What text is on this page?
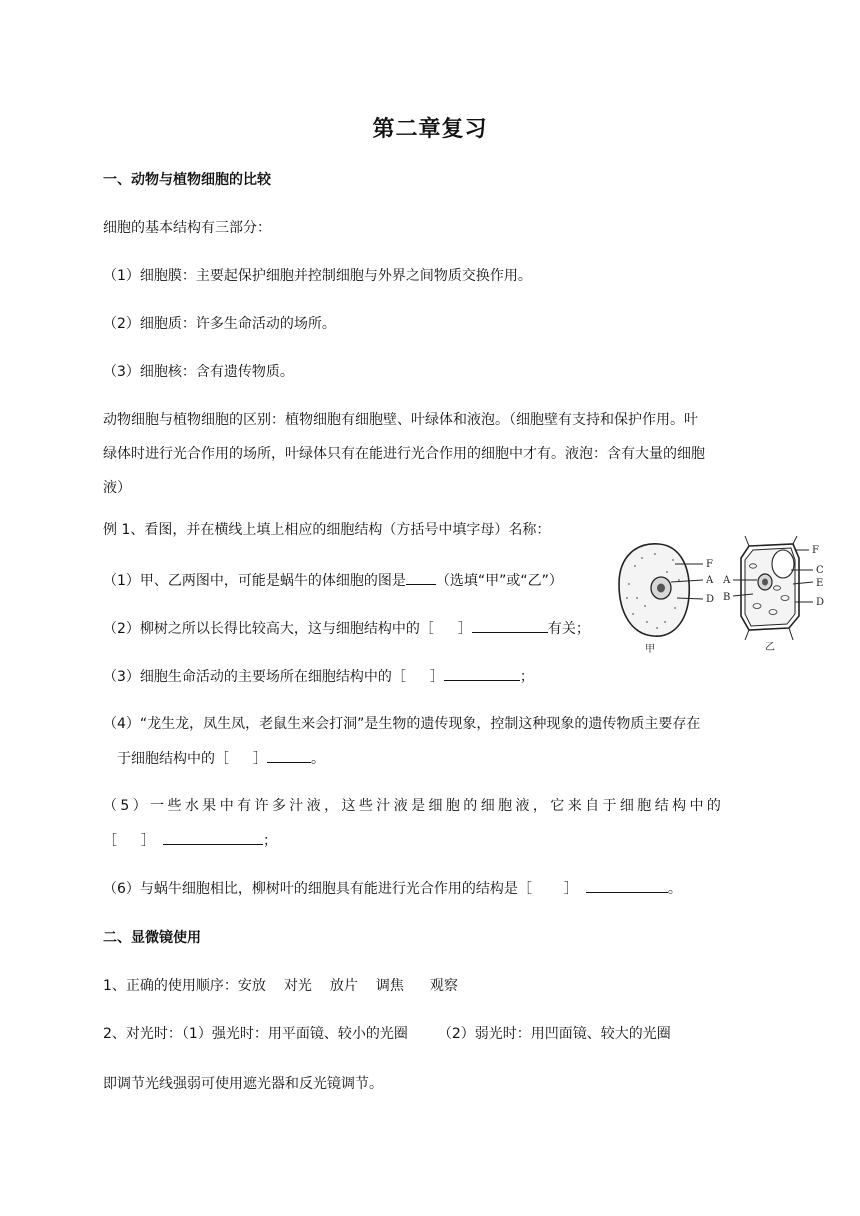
第二章复习
一、动物与植物细胞的比较
细胞的基本结构有三部分：
（1）细胞膜：主要起保护细胞并控制细胞与外界之间物质交换作用。
（2）细胞质：许多生命活动的场所。
（3）细胞核：含有遗传物质。
动物细胞与植物细胞的区别：植物细胞有细胞壁、叶绿体和液泡。（细胞壁有支持和保护作用。叶
绿体时进行光合作用的场所，叶绿体只有在能进行光合作用的细胞中才有。液泡：含有大量的细胞
液）
例 1、看图，并在横线上填上相应的细胞结构（方括号中填字母）名称：
（1）甲、乙两图中，可能是蜗牛的体细胞的图是 （选填“甲”或“乙”）
（2）柳树之所以长得比较高大，这与细胞结构中的［ ］	有关；
（3）细胞生命活动的主要场所在细胞结构中的［ ］	；
（4）“龙生龙，凤生凤，老鼠生来会打洞”是生物的遗传现象，控制这种现象的遗传物质主要存在
于细胞结构中的［ ］	。
（5）一些水果中有许多汁液，这些汁液是细胞的细胞液，它来自于细胞结构中的
［ ］	；
（6）与蜗牛细胞相比，柳树叶的细胞具有能进行光合作用的结构是［ ］	。
二、显微镜使用
1、正确的使用顺序：安放 对光 放片 调焦 观察
2、对光时：（1）强光时：用平面镜、较小的光圈 （2）弱光时：用凹面镜、较大的光圈
即调节光线强弱可使用遮光器和反光镜调节。
F
A
D
甲
A
B
F
C
E
D
乙
